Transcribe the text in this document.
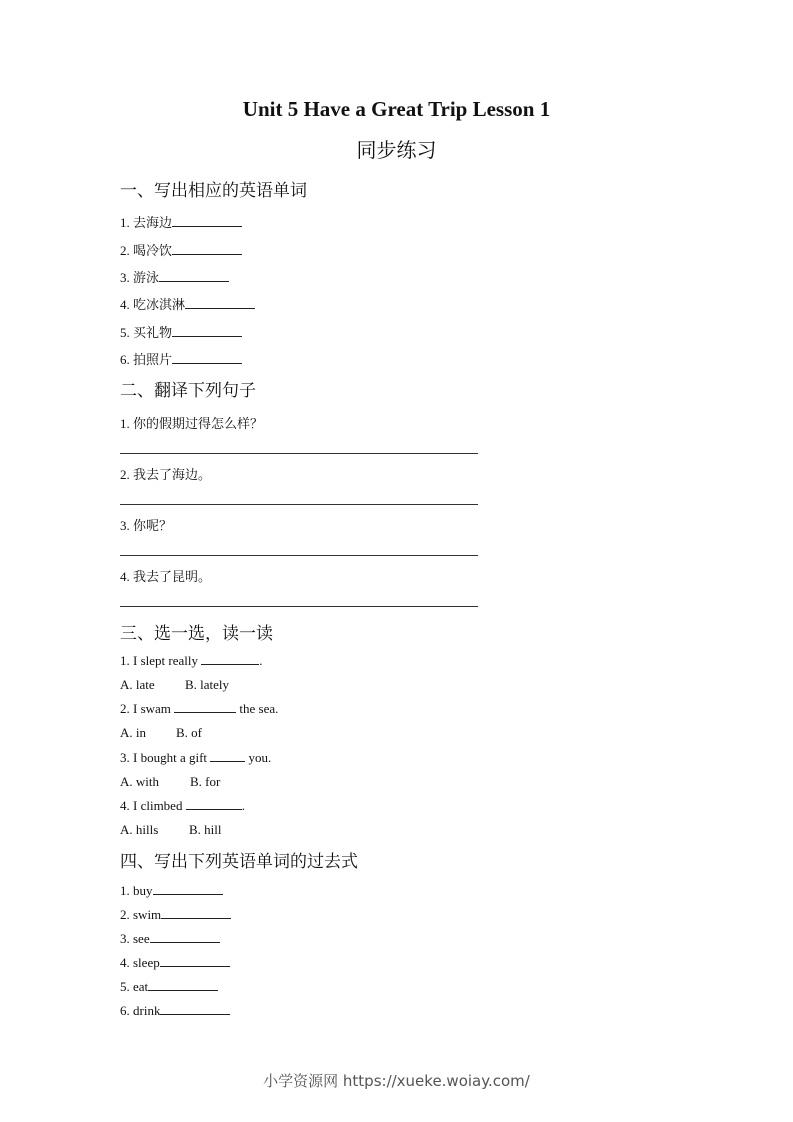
Unit 5 Have a Great Trip Lesson 1
同步练习
一、写出相应的英语单词
1. 去海边
2. 喝冷饮
3. 游泳
4. 吃冰淇淋
5. 买礼物
6. 拍照片
二、翻译下列句子
1. 你的假期过得怎么样？
2. 我去了海边。
3. 你呢？
4. 我去了昆明。
三、选一选，读一读
1. I slept really	.
A. late B. lately
2. I swam	the sea.
A. in B. of
3. I bought a gift	you.
A. with B. for
4. I climbed	.
A. hills B. hill
四、写出下列英语单词的过去式
1. buy
2. swim
3. see
4. sleep
5. eat
6. drink
小学资源网 https://xueke.woiay.com/
